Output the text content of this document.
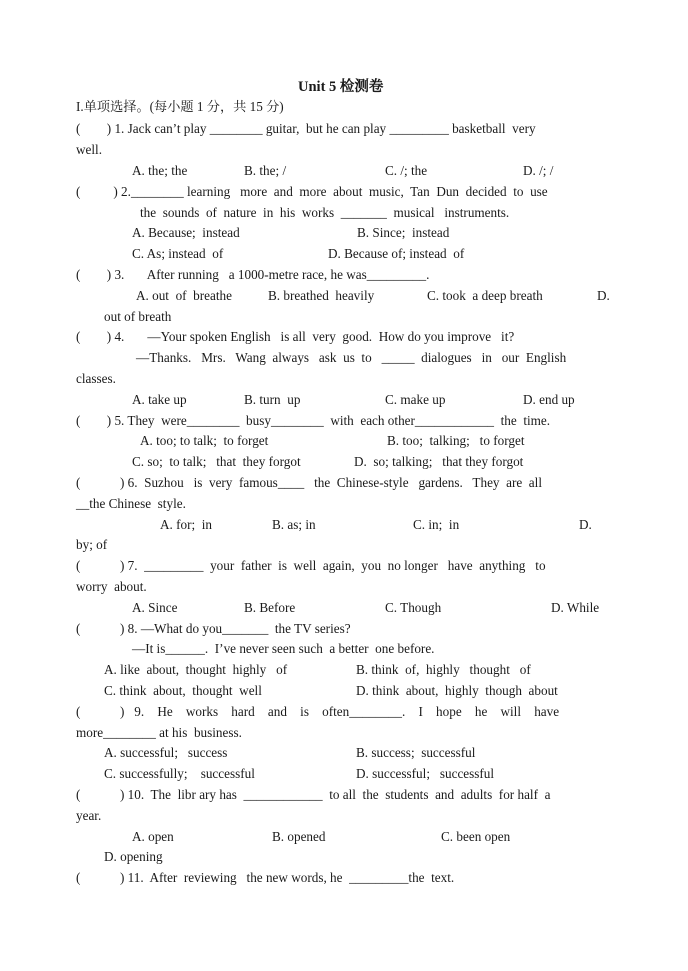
Unit 5 检测卷
I.单项选择。(每小题 1 分，共 15 分)
(        ) 1. Jack can’t play ________ guitar,  but he can play _________ basketball  very
well.
A. the; the	B. the; /	C. /; the	D. /; /
(          ) 2.________ learning   more  and  more  about  music,  Tan  Dun  decided  to  use
the  sounds  of  nature  in  his  works  _______  musical   instruments.
A. Because;  instead	B. Since;  instead
C. As; instead  of	D. Because of; instead  of
(        ) 3.       After running   a 1000-metre race, he was_________.
A. out  of  breathe	B. breathed  heavily	C. took  a deep breath	D.
out of breath
(        ) 4.       —Your spoken English   is all  very  good.  How do you improve   it?
—Thanks.   Mrs.   Wang  always   ask  us  to   _____  dialogues   in   our  English
classes.
A. take up	B. turn  up	C. make up	D. end up
(        ) 5. They  were________  busy________  with  each other____________  the  time.
A. too; to talk;  to forget	B. too;  talking;   to forget
C. so;  to talk;   that  they forgot	D.  so; talking;   that they forgot
(            ) 6.  Suzhou   is  very  famous____   the  Chinese-style   gardens.   They  are  all
__the Chinese  style.
A. for;  in	B. as; in	C. in;  in	D.
by; of
(            ) 7.  _________  your  father  is  well  again,  you  no longer   have  anything   to
worry  about.
A. Since	B. Before	C. Though	D. While
(            ) 8. —What do you_______  the TV series?
—It is______.  I’ve never seen such  a better  one before.
A. like  about,  thought  highly   of	B. think  of,  highly   thought   of
C. think  about,  thought  well	D. think  about,  highly  though  about
(            )   9.    He    works    hard    and    is    often________.    I    hope    he    will    have
more________ at his  business.
A. successful;   success	B. success;  successful
C. successfully;    successful	D. successful;   successful
(            ) 10.  The  libr ary has  ____________  to all  the  students  and  adults  for half  a
year.
A. open	B. opened	C. been open
D. opening
(            ) 11.  After  reviewing   the new words, he  _________the  text.
